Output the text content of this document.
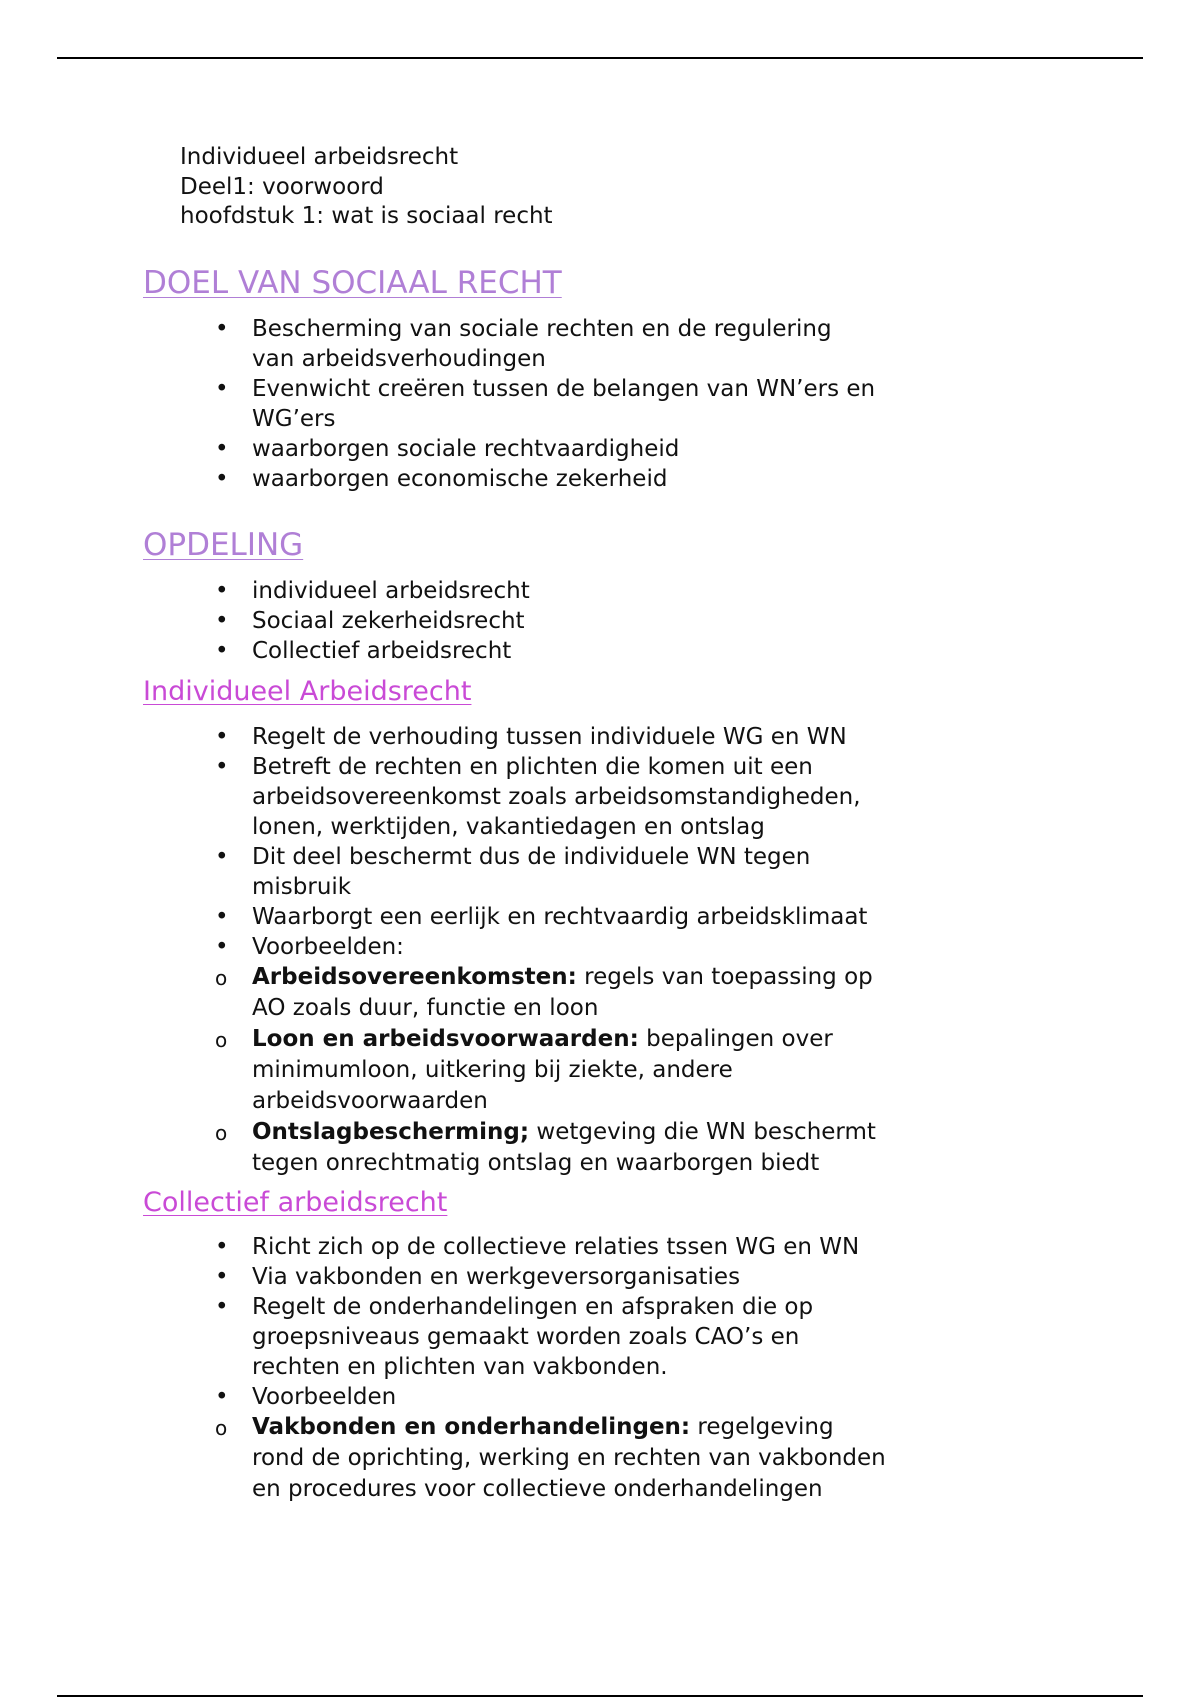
Individueel arbeidsrecht
Deel1: voorwoord
hoofdstuk 1: wat is sociaal recht
DOEL VAN SOCIAAL RECHT
• Bescherming van sociale rechten en de regulering van arbeidsverhoudingen
• Evenwicht creëren tussen de belangen van WN’ers en WG’ers
• waarborgen sociale rechtvaardigheid
• waarborgen economische zekerheid
OPDELING
• individueel arbeidsrecht
• Sociaal zekerheidsrecht
• Collectief arbeidsrecht
Individueel Arbeidsrecht
• Regelt de verhouding tussen individuele WG en WN
• Betreft de rechten en plichten die komen uit een arbeidsovereenkomst zoals arbeidsomstandigheden, lonen, werktijden, vakantiedagen en ontslag
• Dit deel beschermt dus de individuele WN tegen misbruik
• Waarborgt een eerlijk en rechtvaardig arbeidsklimaat
• Voorbeelden:
o	Arbeidsovereenkomsten: regels van toepassing op AO zoals duur, functie en loon
o	Loon en arbeidsvoorwaarden: bepalingen over minimumloon, uitkering bij ziekte, andere arbeidsvoorwaarden
o	Ontslagbescherming; wetgeving die WN beschermt tegen onrechtmatig ontslag en waarborgen biedt
Collectief arbeidsrecht
• Richt zich op de collectieve relaties tssen WG en WN
• Via vakbonden en werkgeversorganisaties
• Regelt de onderhandelingen en afspraken die op groepsniveaus gemaakt worden zoals CAO’s en rechten en plichten van vakbonden.
• Voorbeelden
o	Vakbonden en onderhandelingen: regelgeving rond de oprichting, werking en rechten van vakbonden en procedures voor collectieve onderhandelingen
